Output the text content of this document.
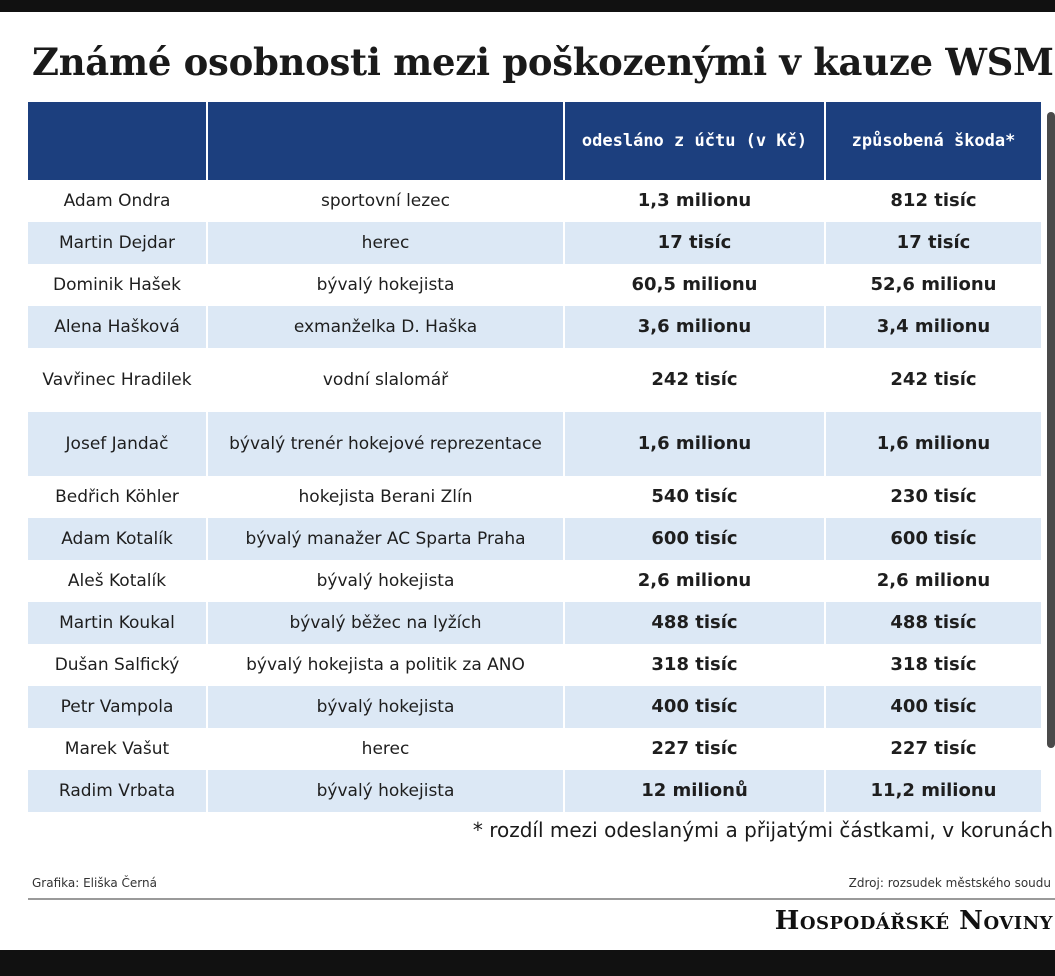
Známé osobnosti mezi poškozenými v kauze WSM
		odesláno z účtu (v Kč)	způsobená škoda*
Adam Ondra	sportovní lezec	1,3 milionu	812 tisíc
Martin Dejdar	herec	17 tisíc	17 tisíc
Dominik Hašek	bývalý hokejista	60,5 milionu	52,6 milionu
Alena Hašková	exmanželka D. Haška	3,6 milionu	3,4 milionu
Vavřinec Hradilek	vodní slalomář	242 tisíc	242 tisíc
Josef Jandač	bývalý trenér hokejové reprezentace	1,6 milionu	1,6 milionu
Bedřich Köhler	hokejista Berani Zlín	540 tisíc	230 tisíc
Adam Kotalík	bývalý manažer AC Sparta Praha	600 tisíc	600 tisíc
Aleš Kotalík	bývalý hokejista	2,6 milionu	2,6 milionu
Martin Koukal	bývalý běžec na lyžích	488 tisíc	488 tisíc
Dušan Salfický	bývalý hokejista a politik za ANO	318 tisíc	318 tisíc
Petr Vampola	bývalý hokejista	400 tisíc	400 tisíc
Marek Vašut	herec	227 tisíc	227 tisíc
Radim Vrbata	bývalý hokejista	12 milionů	11,2 milionu
* rozdíl mezi odeslanými a přijatými částkami, v korunách
Grafika: Eliška Černá	Zdroj: rozsudek městského soudu
Hospodářské Noviny
